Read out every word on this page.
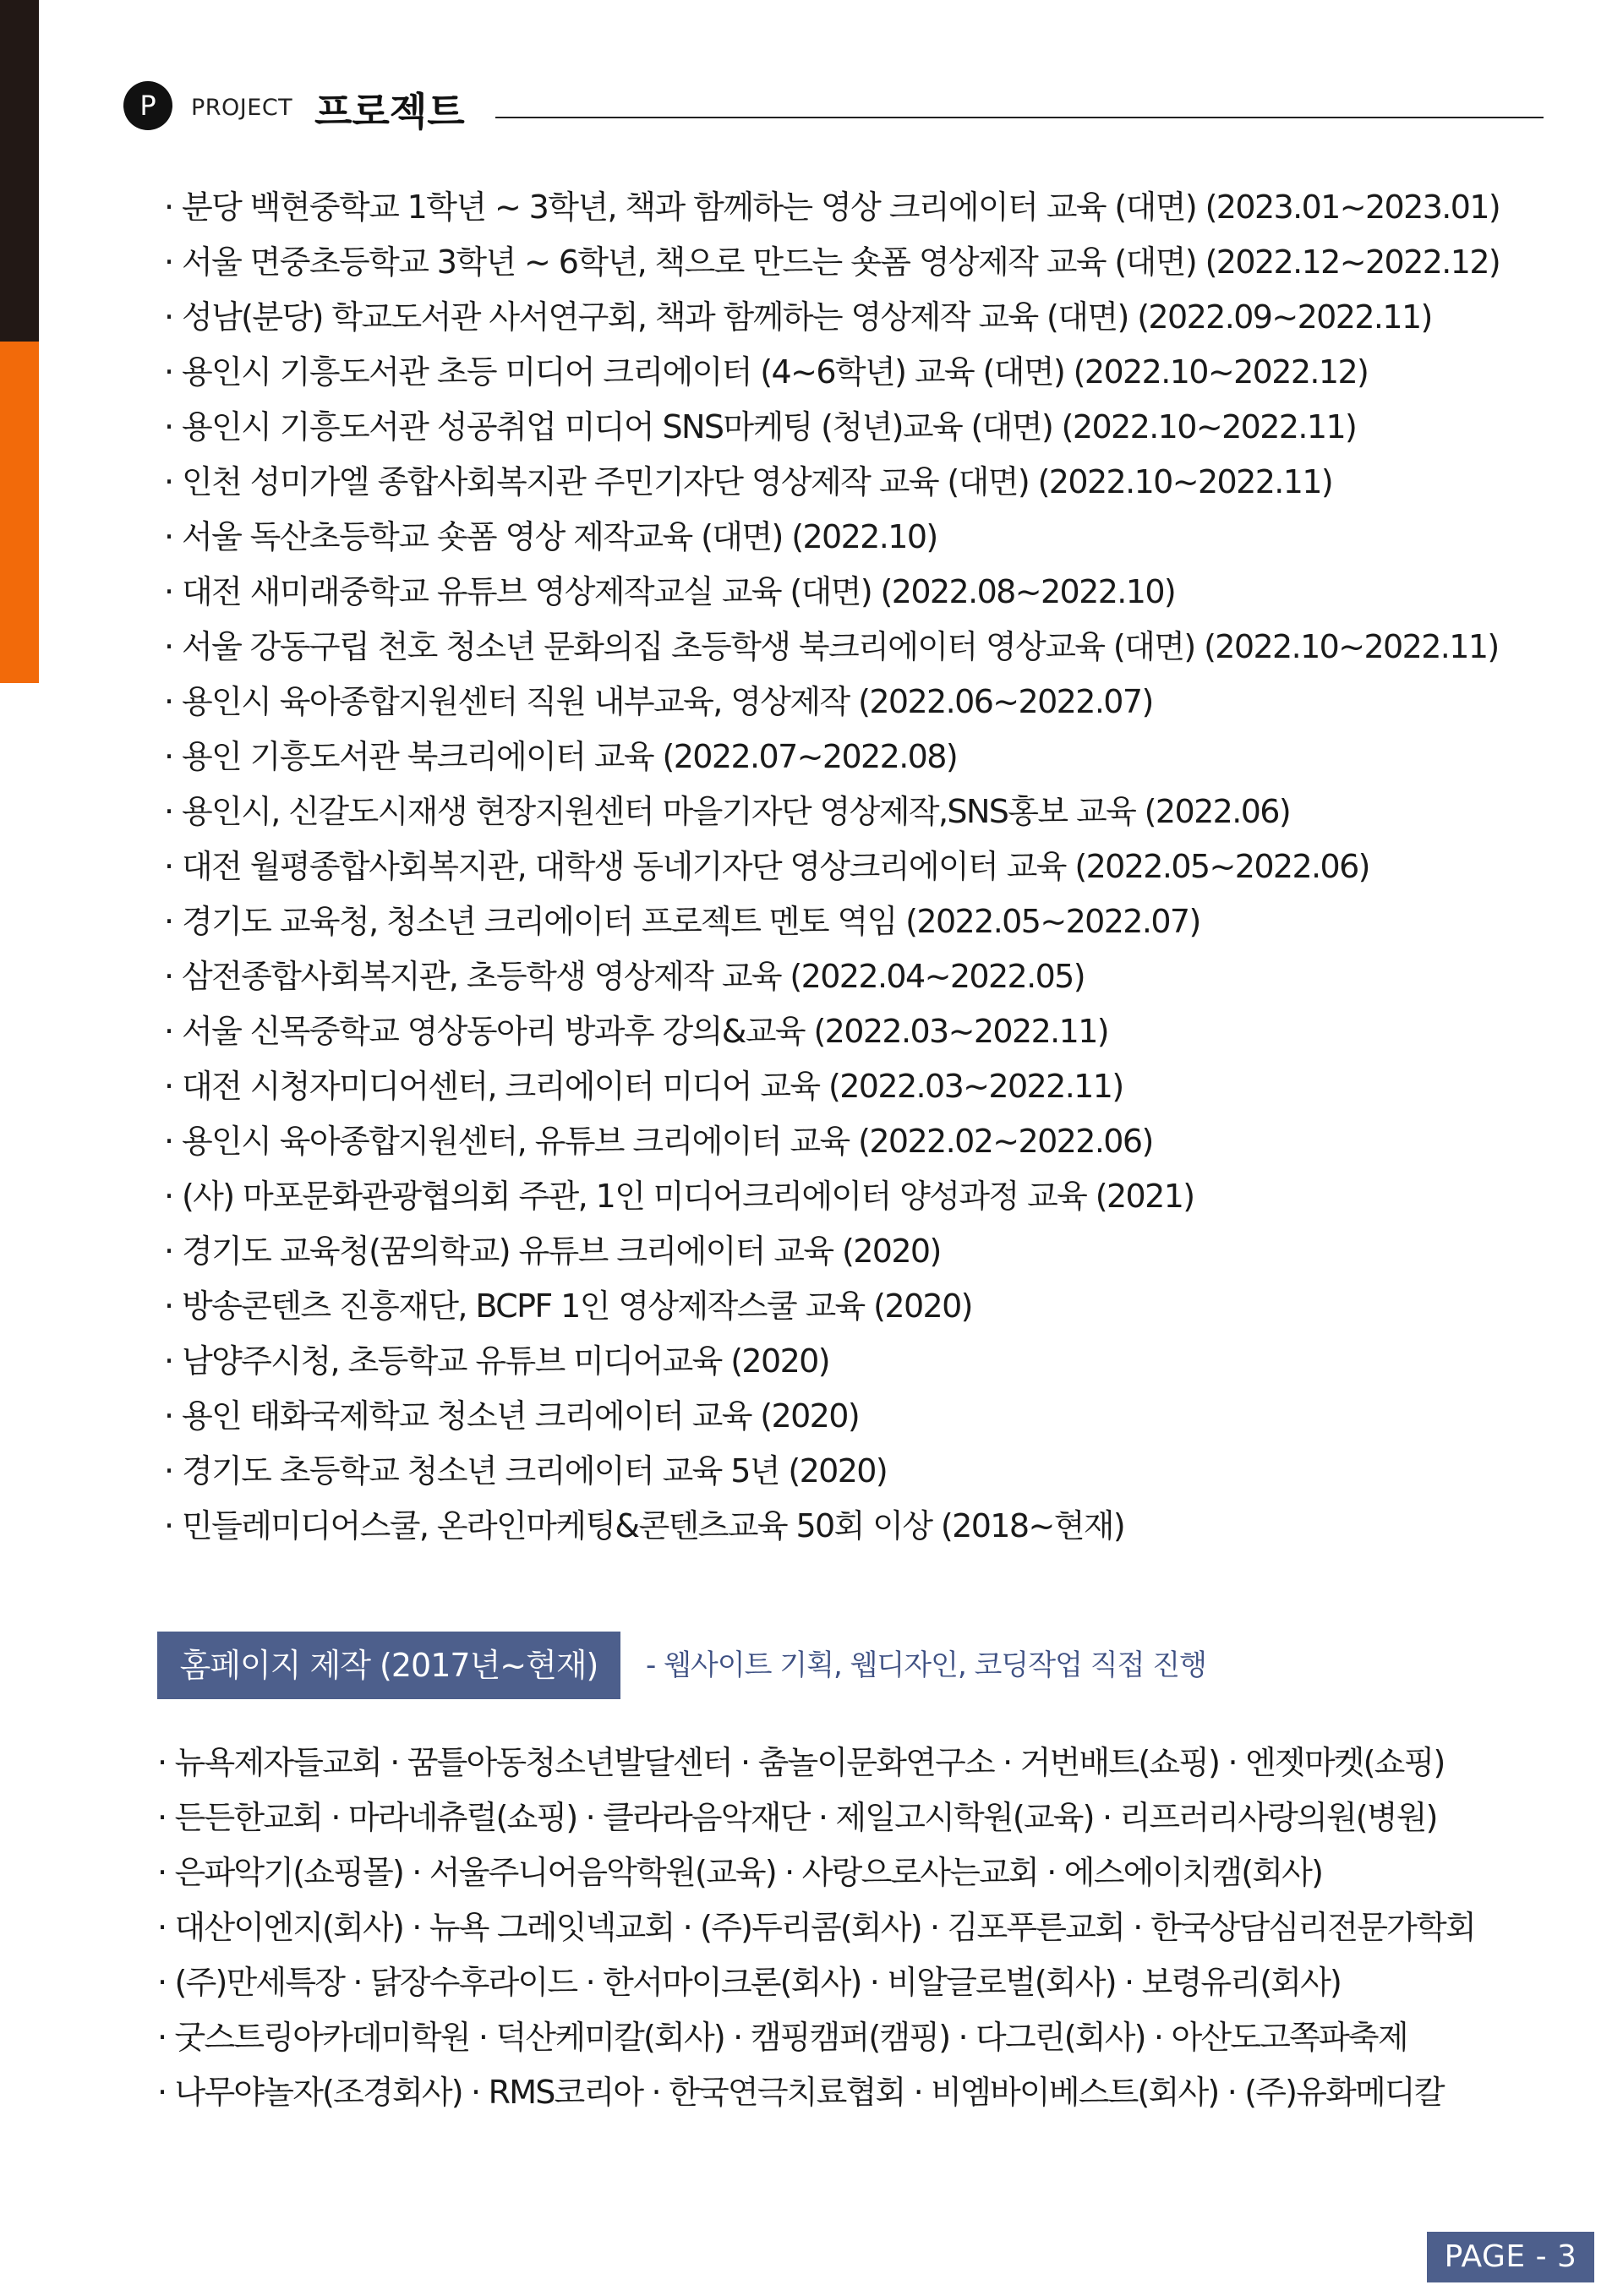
P	PROJECT 프로젝트
· 분당 백현중학교 1학년 ~ 3학년, 책과 함께하는 영상 크리에이터 교육 (대면) (2023.01~2023.01)
· 서울 면중초등학교 3학년 ~ 6학년, 책으로 만드는 숏폼 영상제작 교육 (대면) (2022.12~2022.12)
· 성남(분당) 학교도서관 사서연구회, 책과 함께하는 영상제작 교육 (대면) (2022.09~2022.11)
· 용인시 기흥도서관 초등 미디어 크리에이터 (4~6학년) 교육 (대면) (2022.10~2022.12)
· 용인시 기흥도서관 성공취업 미디어 SNS마케팅 (청년)교육 (대면) (2022.10~2022.11)
· 인천 성미가엘 종합사회복지관 주민기자단 영상제작 교육 (대면) (2022.10~2022.11)
· 서울 독산초등학교 숏폼 영상 제작교육 (대면) (2022.10)
· 대전 새미래중학교 유튜브 영상제작교실 교육 (대면) (2022.08~2022.10)
· 서울 강동구립 천호 청소년 문화의집 초등학생 북크리에이터 영상교육 (대면) (2022.10~2022.11)
· 용인시 육아종합지원센터 직원 내부교육, 영상제작 (2022.06~2022.07)
· 용인 기흥도서관 북크리에이터 교육 (2022.07~2022.08)
· 용인시, 신갈도시재생 현장지원센터 마을기자단 영상제작,SNS홍보 교육 (2022.06)
· 대전 월평종합사회복지관, 대학생 동네기자단 영상크리에이터 교육 (2022.05~2022.06)
· 경기도 교육청, 청소년 크리에이터 프로젝트 멘토 역임 (2022.05~2022.07)
· 삼전종합사회복지관, 초등학생 영상제작 교육 (2022.04~2022.05)
· 서울 신목중학교 영상동아리 방과후 강의&교육 (2022.03~2022.11)
· 대전 시청자미디어센터, 크리에이터 미디어 교육 (2022.03~2022.11)
· 용인시 육아종합지원센터, 유튜브 크리에이터 교육 (2022.02~2022.06)
· (사) 마포문화관광협의회 주관, 1인 미디어크리에이터 양성과정 교육 (2021)
· 경기도 교육청(꿈의학교) 유튜브 크리에이터 교육 (2020)
· 방송콘텐츠 진흥재단, BCPF 1인 영상제작스쿨 교육 (2020)
· 남양주시청, 초등학교 유튜브 미디어교육 (2020)
· 용인 태화국제학교 청소년 크리에이터 교육 (2020)
· 경기도 초등학교 청소년 크리에이터 교육 5년 (2020)
· 민들레미디어스쿨, 온라인마케팅&콘텐츠교육 50회 이상 (2018~현재)
홈페이지 제작 (2017년~현재)	- 웹사이트 기획, 웹디자인, 코딩작업 직접 진행
· 뉴욕제자들교회 · 꿈틀아동청소년발달센터 · 춤놀이문화연구소 · 거번배트(쇼핑) · 엔젯마켓(쇼핑)
· 든든한교회 · 마라네츄럴(쇼핑) · 클라라음악재단 · 제일고시학원(교육) · 리프러리사랑의원(병원)
· 은파악기(쇼핑몰) · 서울주니어음악학원(교육) · 사랑으로사는교회 · 에스에이치캠(회사)
· 대산이엔지(회사) · 뉴욕 그레잇넥교회 · (주)두리콤(회사) · 김포푸른교회 · 한국상담심리전문가학회
· (주)만세특장 · 닭장수후라이드 · 한서마이크론(회사) · 비알글로벌(회사) · 보령유리(회사)
· 굿스트링아카데미학원 · 덕산케미칼(회사) · 캠핑캠퍼(캠핑) · 다그린(회사) · 아산도고쪽파축제
· 나무야놀자(조경회사) · RMS코리아 · 한국연극치료협회 · 비엠바이베스트(회사) · (주)유화메디칼
PAGE - 3
